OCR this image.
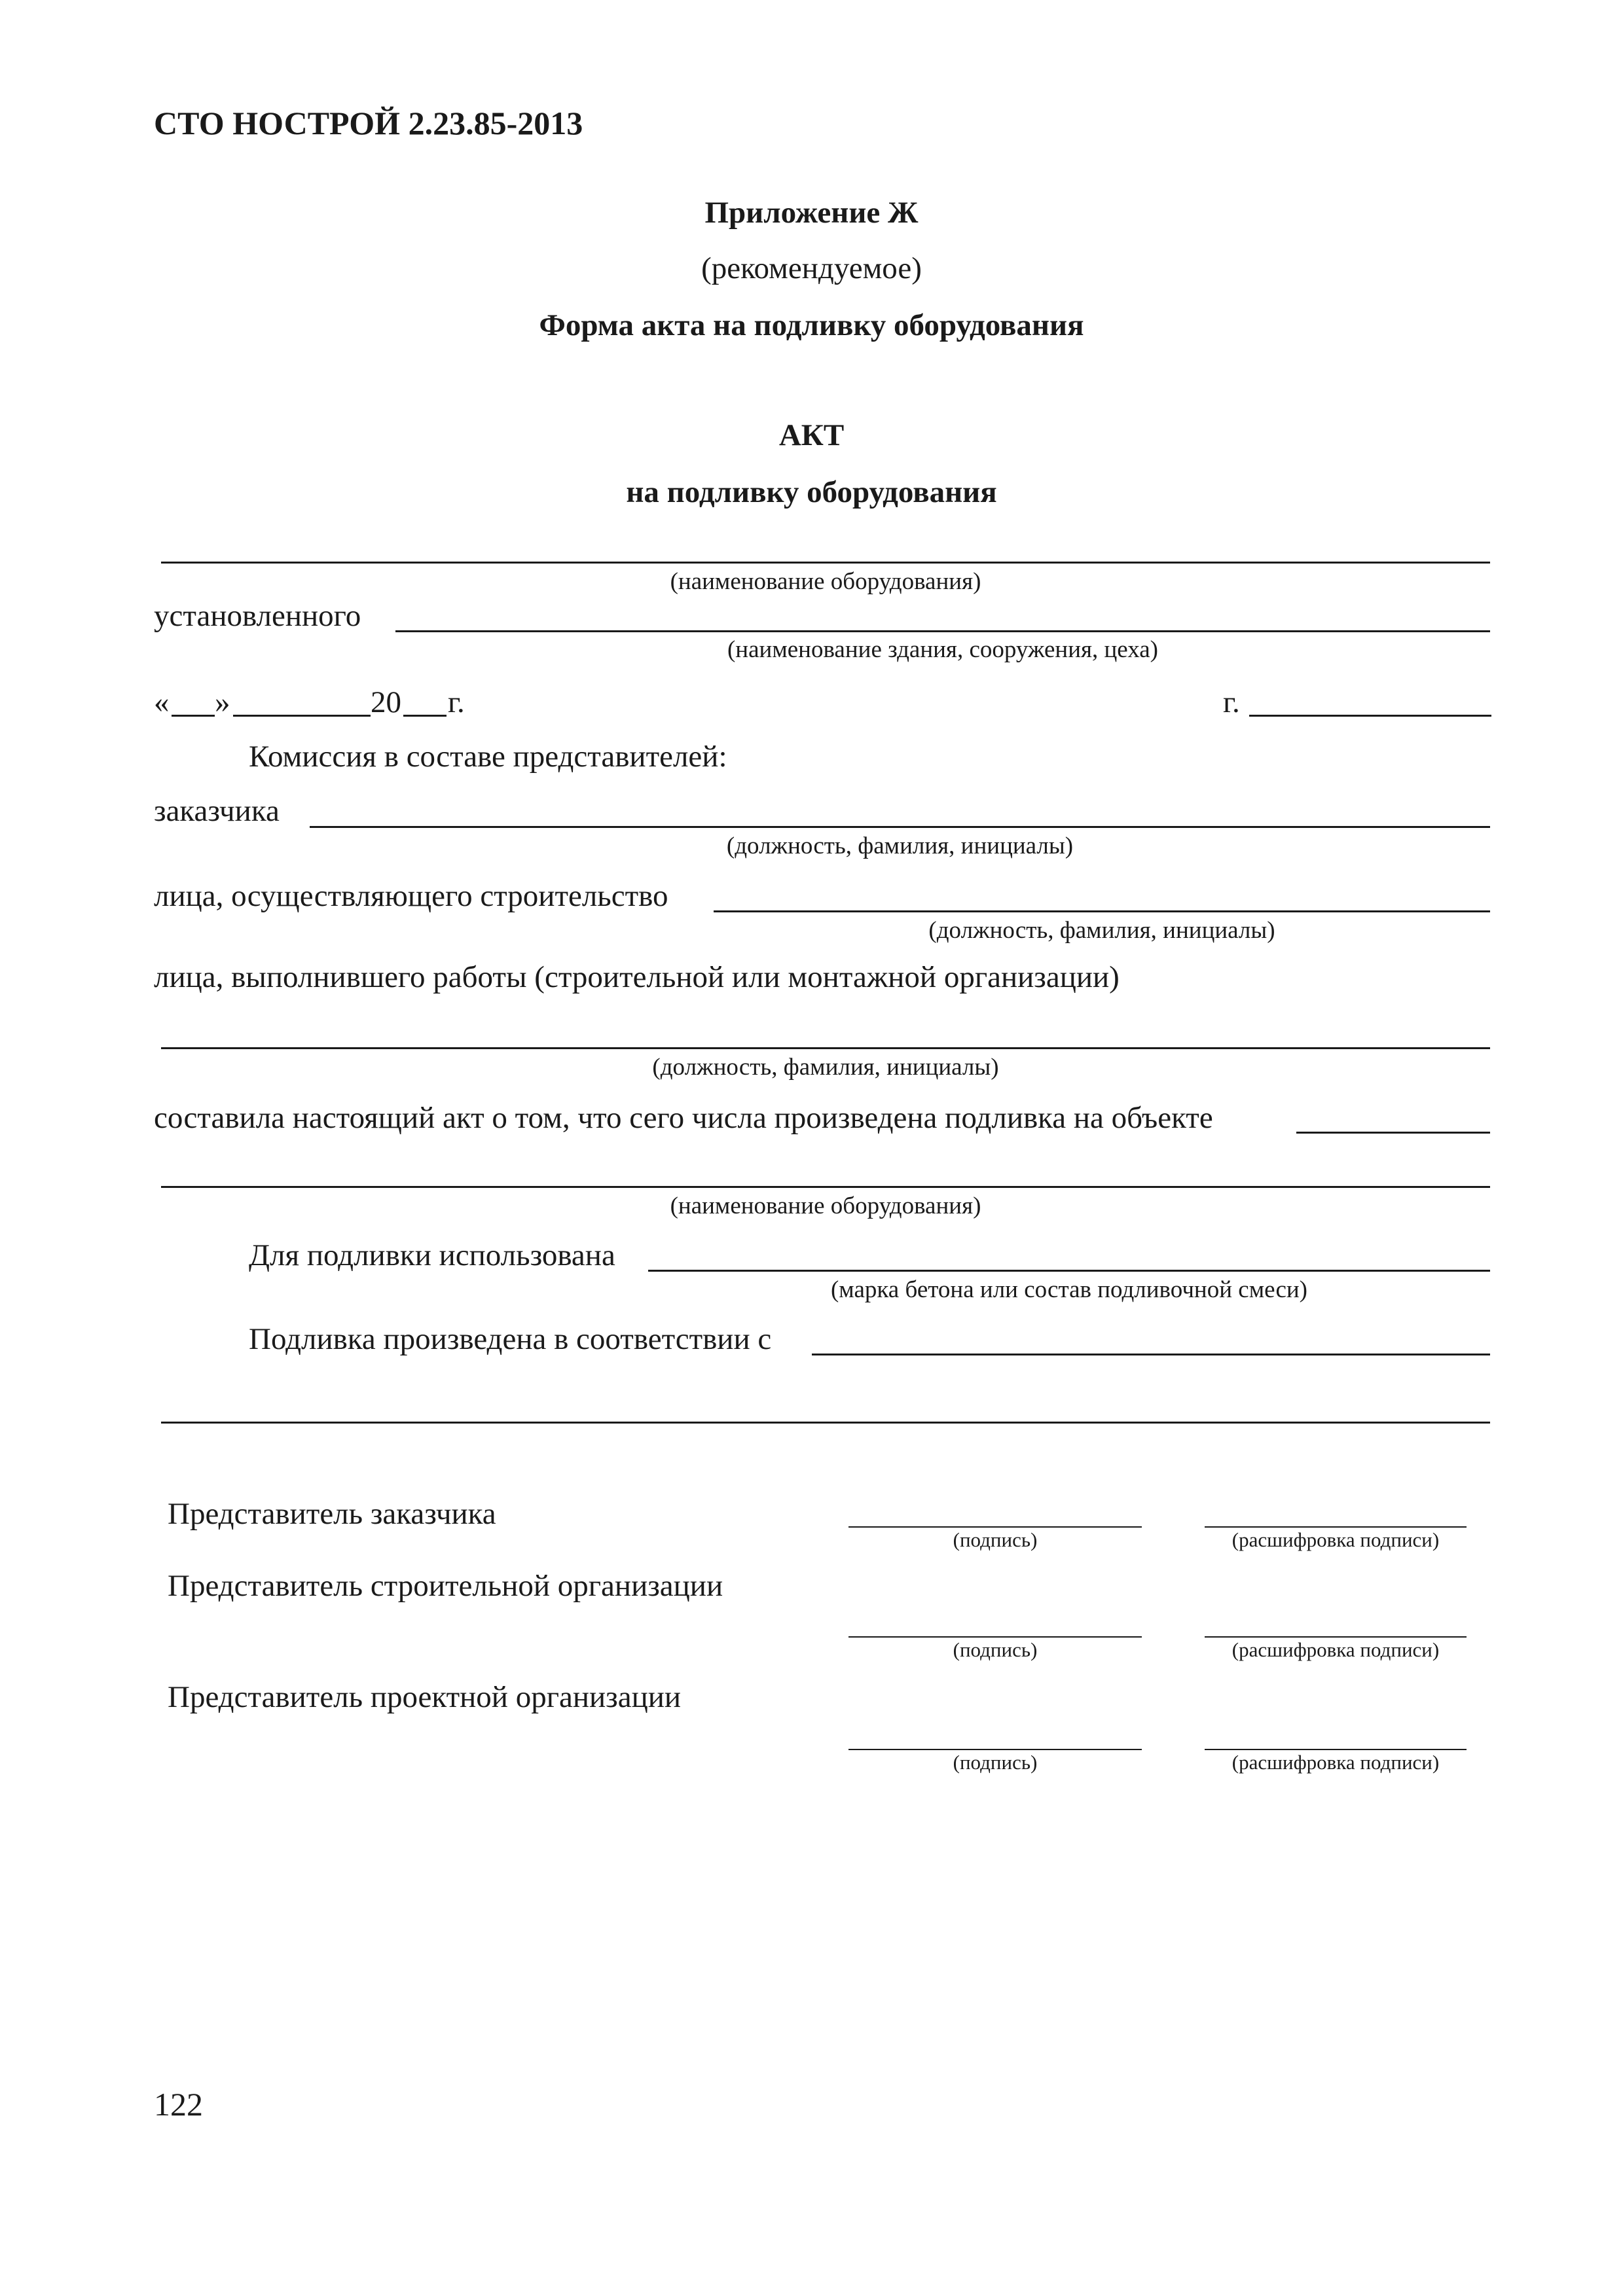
СТО НОСТРОЙ 2.23.85-2013
Приложение Ж
(рекомендуемое)
Форма акта на подливку оборудования
АКТ
на подливку оборудования
(наименование оборудования)
установленного
(наименование здания, сооружения, цеха)
« »	20 г.	г.
Комиссия в составе представителей:
заказчика
(должность, фамилия, инициалы)
лица, осуществляющего строительство
(должность, фамилия, инициалы)
лица, выполнившего работы (строительной или монтажной организации)
(должность, фамилия, инициалы)
составила настоящий акт о том, что сего числа произведена подливка на объекте
(наименование оборудования)
Для подливки использована
(марка бетона или состав подливочной смеси)
Подливка произведена в соответствии с
Представитель заказчика
(подпись)	(расшифровка подписи)
Представитель строительной организации
(подпись)	(расшифровка подписи)
Представитель проектной организации
(подпись)	(расшифровка подписи)
122
